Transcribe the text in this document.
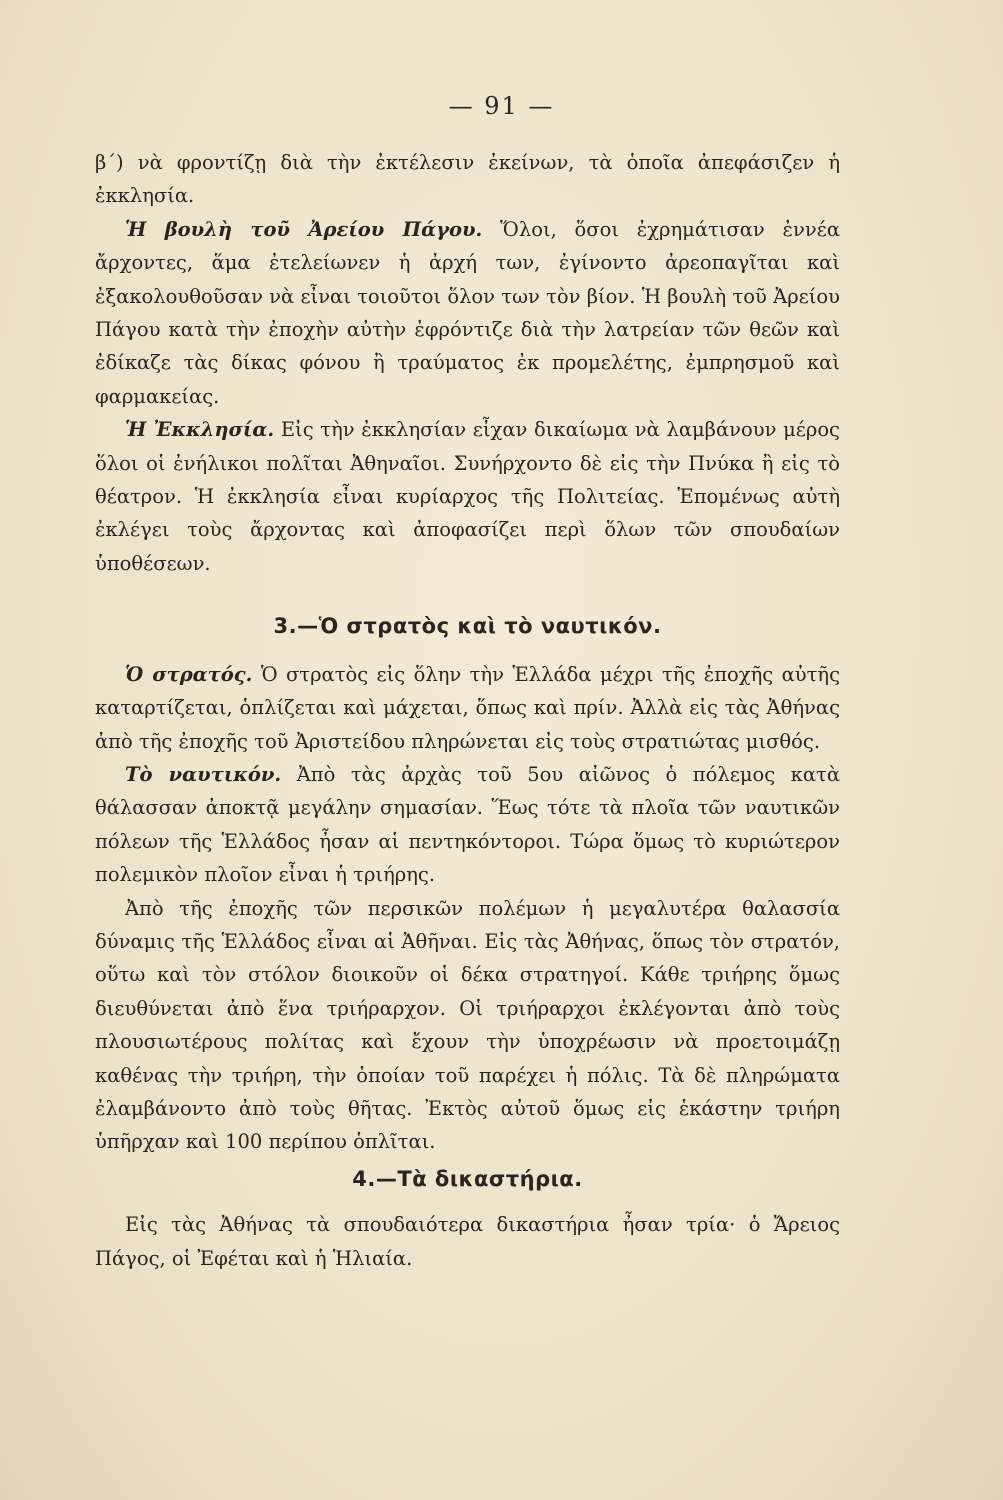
— 91 —

β΄) νὰ φροντίζῃ διὰ τὴν ἐκτέλεσιν ἐκείνων, τὰ ὁποῖα ἀπεφάσιζεν ἡ ἐκκλησία.

Ἡ βουλὴ τοῦ Ἀρείου Πάγου. Ὅλοι, ὅσοι ἐχρημάτισαν ἐννέα ἄρχοντες, ἅμα ἐτελείωνεν ἡ ἀρχή των, ἐγίνοντο ἀρεοπαγῖται καὶ ἐξακολουθοῦσαν νὰ εἶναι τοιοῦτοι ὅλον των τὸν βίον. Ἡ βουλὴ τοῦ Ἀρείου Πάγου κατὰ τὴν ἐποχὴν αὐτὴν ἐφρόντιζε διὰ τὴν λατρείαν τῶν θεῶν καὶ ἐδίκαζε τὰς δίκας φόνου ἢ τραύματος ἐκ προμελέτης, ἐμπρησμοῦ καὶ φαρμακείας.

Ἡ Ἐκκλησία. Εἰς τὴν ἐκκλησίαν εἶχαν δικαίωμα νὰ λαμβάνουν μέρος ὅλοι οἱ ἐνήλικοι πολῖται Ἀθηναῖοι. Συνήρχοντο δὲ εἰς τὴν Πνύκα ἢ εἰς τὸ θέατρον. Ἡ ἐκκλησία εἶναι κυρίαρχος τῆς Πολιτείας. Ἑπομένως αὐτὴ ἐκλέγει τοὺς ἄρχοντας καὶ ἀποφασίζει περὶ ὅλων τῶν σπουδαίων ὑποθέσεων.

3.—Ὁ στρατὸς καὶ τὸ ναυτικόν.

Ὁ στρατός. Ὁ στρατὸς εἰς ὅλην τὴν Ἑλλάδα μέχρι τῆς ἐποχῆς αὐτῆς καταρτίζεται, ὁπλίζεται καὶ μάχεται, ὅπως καὶ πρίν. Ἀλλὰ εἰς τὰς Ἀθήνας ἀπὸ τῆς ἐποχῆς τοῦ Ἀριστείδου πληρώνεται εἰς τοὺς στρατιώτας μισθός.

Τὸ ναυτικόν. Ἀπὸ τὰς ἀρχὰς τοῦ 5ου αἰῶνος ὁ πόλεμος κατὰ θάλασσαν ἀποκτᾷ μεγάλην σημασίαν. Ἕως τότε τὰ πλοῖα τῶν ναυτικῶν πόλεων τῆς Ἑλλάδος ἦσαν αἱ πεντηκόντοροι. Τώρα ὅμως τὸ κυριώτερον πολεμικὸν πλοῖον εἶναι ἡ τριήρης.

Ἀπὸ τῆς ἐποχῆς τῶν περσικῶν πολέμων ἡ μεγαλυτέρα θαλασσία δύναμις τῆς Ἑλλάδος εἶναι αἱ Ἀθῆναι. Εἰς τὰς Ἀθήνας, ὅπως τὸν στρατόν, οὕτω καὶ τὸν στόλον διοικοῦν οἱ δέκα στρατηγοί. Κάθε τριήρης ὅμως διευθύνεται ἀπὸ ἕνα τριήραρχον. Οἱ τριήραρχοι ἐκλέγονται ἀπὸ τοὺς πλουσιωτέρους πολίτας καὶ ἔχουν τὴν ὑποχρέωσιν νὰ προετοιμάζῃ καθένας τὴν τριήρη, τὴν ὁποίαν τοῦ παρέχει ἡ πόλις. Τὰ δὲ πληρώματα ἐλαμβάνοντο ἀπὸ τοὺς θῆτας. Ἐκτὸς αὐτοῦ ὅμως εἰς ἑκάστην τριήρη ὑπῆρχαν καὶ 100 περίπου ὁπλῖται.

4.—Τὰ δικαστήρια.

Εἰς τὰς Ἀθήνας τὰ σπουδαιότερα δικαστήρια ἦσαν τρία· ὁ Ἄρειος Πάγος, οἱ Ἐφέται καὶ ἡ Ἡλιαία.
